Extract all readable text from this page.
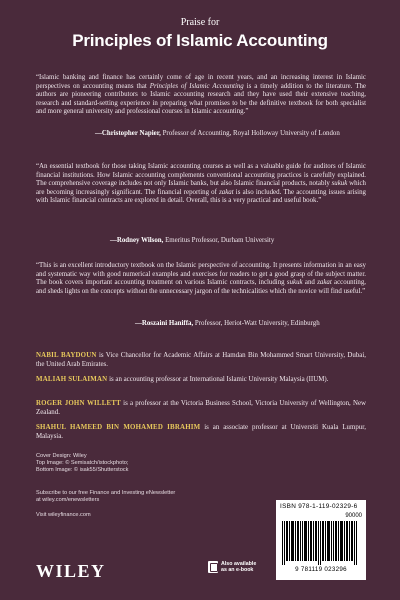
Praise for
Principles of Islamic Accounting
“Islamic banking and finance has certainly come of age in recent years, and an increasing interest in Islamic perspectives on accounting means that Principles of Islamic Accounting is a timely addition to the literature. The authors are pioneering contributors to Islamic accounting research and they have used their extensive teaching, research and standard-setting experience in preparing what promises to be the definitive textbook for both specialist and more general university and professional courses in Islamic accounting.”
—Christopher Napier, Professor of Accounting, Royal Holloway University of London
“An essential textbook for those taking Islamic accounting courses as well as a valuable guide for auditors of Islamic financial institutions. How Islamic accounting complements conventional accounting practices is carefully explained. The comprehensive coverage includes not only Islamic banks, but also Islamic financial products, notably sukuk which are becoming increasingly significant. The financial reporting of zakat is also included. The accounting issues arising with Islamic financial contracts are explored in detail. Overall, this is a very practical and useful book.”
—Rodney Wilson, Emeritus Professor, Durham University
“This is an excellent introductory textbook on the Islamic perspective of accounting. It presents information in an easy and systematic way with good numerical examples and exercises for readers to get a good grasp of the subject matter. The book covers important accounting treatment on various Islamic contracts, including sukuk and zakat accounting, and sheds lights on the concepts without the unnecessary jargon of the technicalities which the novice will find useful.”
—Roszaini Haniffa, Professor, Heriot-Watt University, Edinburgh
NABIL BAYDOUN is Vice Chancellor for Academic Affairs at Hamdan Bin Mohammed Smart University, Dubai, the United Arab Emirates.
MALIAH SULAIMAN is an accounting professor at International Islamic University Malaysia (IIUM).
ROGER JOHN WILLETT is a professor at the Victoria Business School, Victoria University of Wellington, New Zealand.
SHAHUL HAMEED BIN MOHAMED IBRAHIM is an associate professor at Universiti Kuala Lumpur, Malaysia.
Cover Design: Wiley
Top Image: © Semisatch/istockphoto;
Bottom Image: © isak55/Shutterstock
Subscribe to our free Finance and Investing eNewsletter
at wiley.com/enewsletters
Visit wileyfinance.com
WILEY	Also available
as an e-book
ISBN 978-1-119-02329-6
90000
9 781119 023296
